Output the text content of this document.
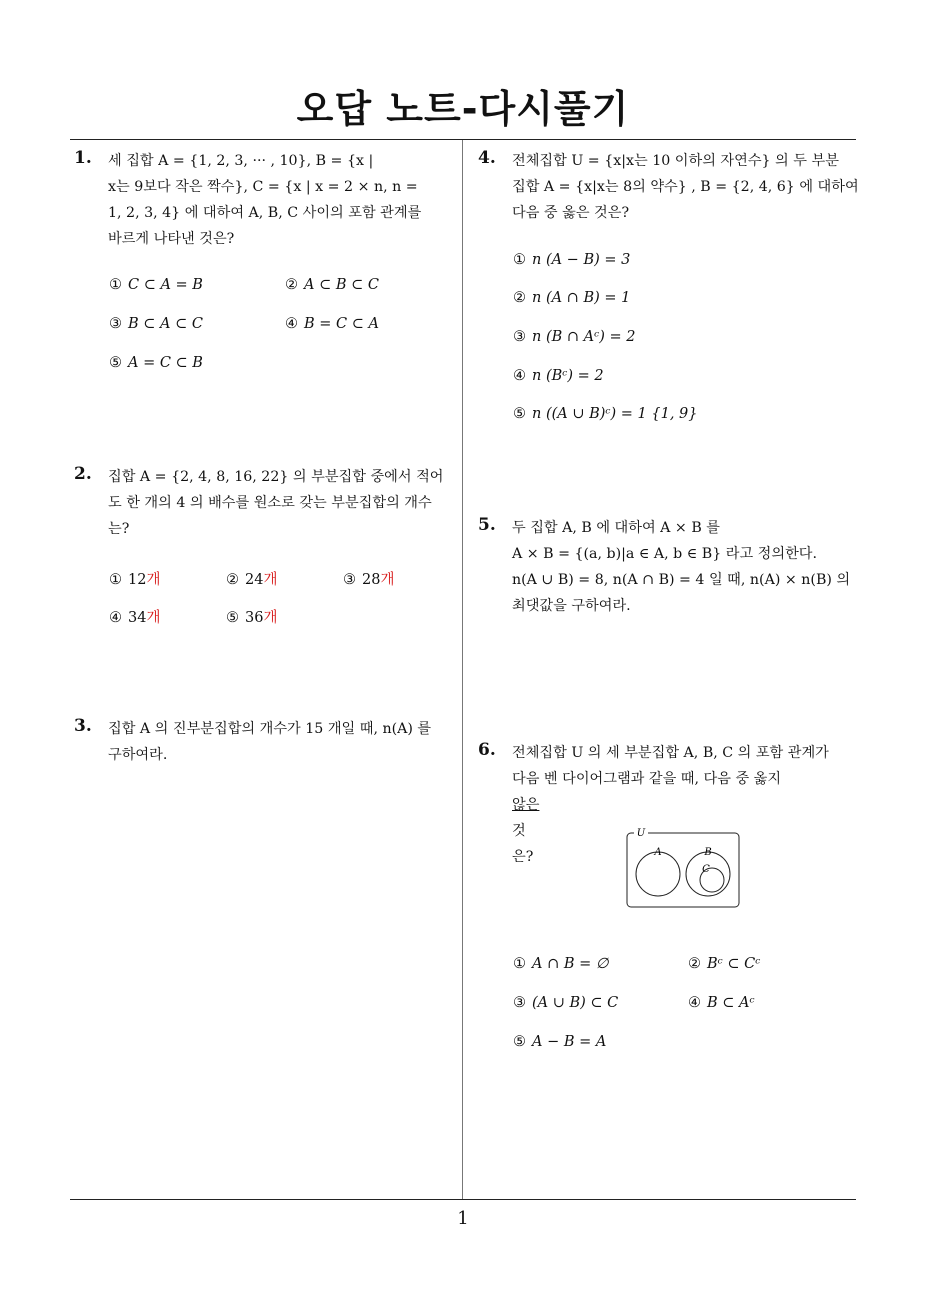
오답 노트-다시풀기
1. 세 집합 A = {1, 2, 3, ··· , 10}, B = {x |
x는 9보다 작은 짝수}, C = {x | x = 2 × n, n =
1, 2, 3, 4} 에 대하여 A, B, C 사이의 포함 관계를
바르게 나타낸 것은?
① C ⊂ A = B	② A ⊂ B ⊂ C
③ B ⊂ A ⊂ C	④ B = C ⊂ A
⑤ A = C ⊂ B
2. 집합 A = {2, 4, 8, 16, 22} 의 부분집합 중에서 적어
도 한 개의 4 의 배수를 원소로 갖는 부분집합의 개수
는?
① 12개	② 24개	③ 28개
④ 34개	⑤ 36개
3. 집합 A 의 진부분집합의 개수가 15 개일 때, n(A) 를
구하여라.
4. 전체집합 U = {x|x는 10 이하의 자연수} 의 두 부분
집합 A = {x|x는 8의 약수} , B = {2, 4, 6} 에 대하여
다음 중 옳은 것은?
① n (A − B) = 3
② n (A ∩ B) = 1
③ n (B ∩ Aᶜ) = 2
④ n (Bᶜ) = 2
⑤ n ((A ∪ B)ᶜ) = 1 {1, 9}
5. 두 집합 A, B 에 대하여 A × B 를
A × B = {(a, b)|a ∈ A, b ∈ B} 라고 정의한다.
n(A ∪ B) = 8, n(A ∩ B) = 4 일 때, n(A) × n(B) 의
최댓값을 구하여라.
6. 전체집합 U 의 세 부분집합 A, B, C 의 포함 관계가
다음 벤 다이어그램과 같을 때, 다음 중 옳지
않은
것
은?
U
A	B
C
① A ∩ B = ∅	② Bᶜ ⊂ Cᶜ
③ (A ∪ B) ⊂ C	④ B ⊂ Aᶜ
⑤ A − B = A
1
